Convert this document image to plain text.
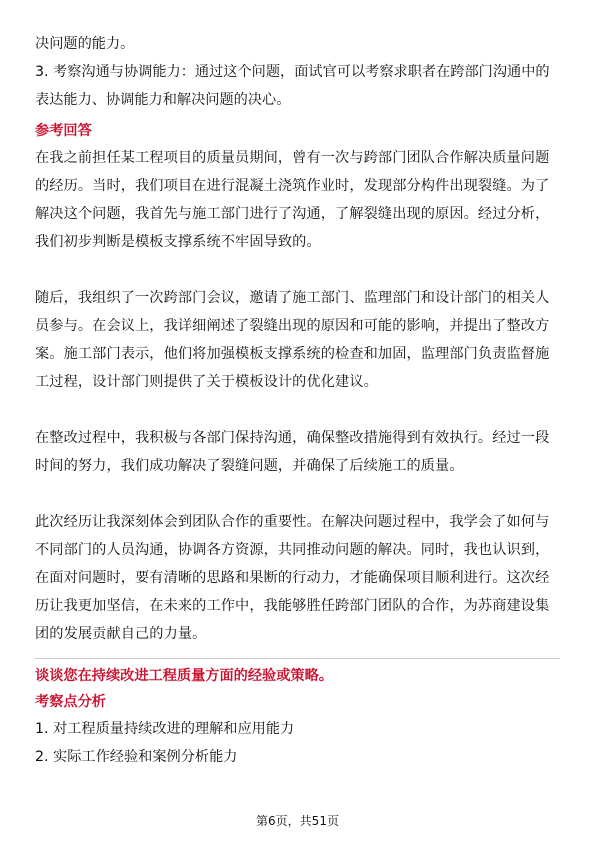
决问题的能力。

3. 考察沟通与协调能力：通过这个问题，面试官可以考察求职者在跨部门沟通中的

表达能力、协调能力和解决问题的决心。

参考回答

在我之前担任某工程项目的质量员期间，曾有一次与跨部门团队合作解决质量问题的经历。当时，我们项目在进行混凝土浇筑作业时，发现部分构件出现裂缝。为了解决这个问题，我首先与施工部门进行了沟通，了解裂缝出现的原因。经过分析，我们初步判断是模板支撑系统不牢固导致的。

随后，我组织了一次跨部门会议，邀请了施工部门、监理部门和设计部门的相关人员参与。在会议上，我详细阐述了裂缝出现的原因和可能的影响，并提出了整改方案。施工部门表示，他们将加强模板支撑系统的检查和加固，监理部门负责监督施工过程，设计部门则提供了关于模板设计的优化建议。

在整改过程中，我积极与各部门保持沟通，确保整改措施得到有效执行。经过一段时间的努力，我们成功解决了裂缝问题，并确保了后续施工的质量。

此次经历让我深刻体会到团队合作的重要性。在解决问题过程中，我学会了如何与不同部门的人员沟通，协调各方资源，共同推动问题的解决。同时，我也认识到，在面对问题时，要有清晰的思路和果断的行动力，才能确保项目顺利进行。这次经历让我更加坚信，在未来的工作中，我能够胜任跨部门团队的合作，为苏商建设集团的发展贡献自己的力量。

谈谈您在持续改进工程质量方面的经验或策略。
考察点分析

1. 对工程质量持续改进的理解和应用能力

2. 实际工作经验和案例分析能力

第6页，共51页
